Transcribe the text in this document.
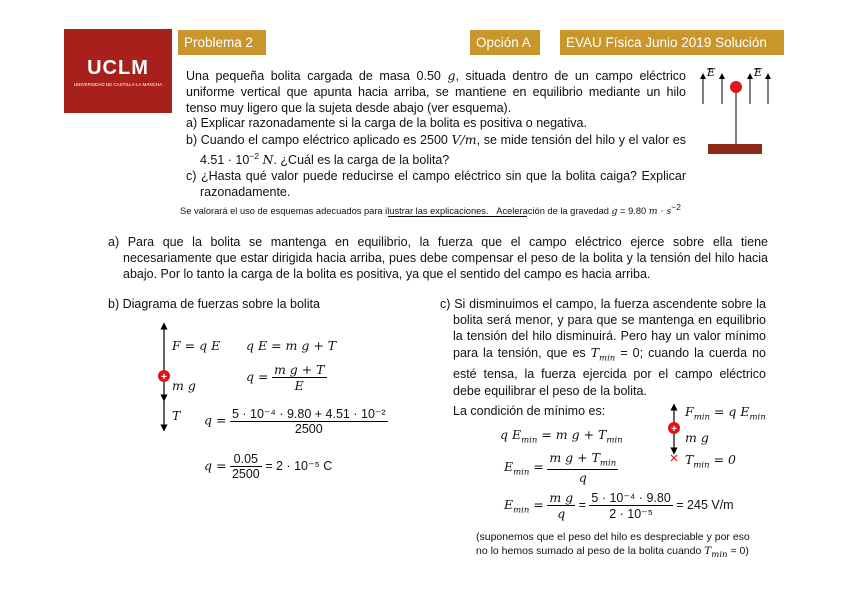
UCLM
UNIVERSIDAD DE CASTILLA-LA MANCHA
Problema 2	Opción A	EVAU Física Junio 2019 Solución

Una pequeña bolita cargada de masa 0.50 g, situada dentro de un campo eléctrico uniforme vertical que apunta hacia arriba, se mantiene en equilibrio mediante un hilo tenso muy ligero que la sujeta desde abajo (ver esquema).

a) Explicar razonadamente si la carga de la bolita es positiva o negativa.

b) Cuando el campo eléctrico aplicado es 2500 V/m, se mide tensión del hilo y el valor es $4.51 \cdot 10^{-2}$ N. ¿Cuál es la carga de la bolita?

c) ¿Hasta qué valor puede reducirse el campo eléctrico sin que la bolita caiga? Explicar razonadamente.

Se valorará el uso de esquemas adecuados para ilustrar las explicaciones. Aceleración de la gravedad g = 9.80 $m \cdot s^{-2}$
E	E

a) Para que la bolita se mantenga en equilibrio, la fuerza que el campo eléctrico ejerce sobre ella tiene necesariamente que estar dirigida hacia arriba, pues debe compensar el peso de la bolita y la tensión del hilo hacia abajo. Por lo tanto la carga de la bolita es positiva, ya que el sentido del campo es hacia arriba.

b) Diagrama de fuerzas sobre la bolita
+
F = q E
m g
T
q E = m g + T
$q = \frac{\text{m g + T}}{E}$
$q = \frac{\text{5 · 10⁻⁴ · 9.80 + 4.51 · 10⁻²}}{2500}$
$q = \frac{0.05}{2500} = 2 \cdot 10^{-5}$ C

c) Si disminuimos el campo, la fuerza ascendente sobre la bolita será menor, y para que se mantenga en equilibrio la tensión del hilo disminuirá. Pero hay un valor mínimo para la tensión, que es $T_{min} = 0$; cuando la cuerda no esté tensa, la fuerza ejercida por el campo eléctrico debe equilibrar el peso de la bolita.

La condición de mínimo es:
+
$F_{min} = q$ $E_{min}$
m g
$T_{min} = 0$
q $E_{min} = m$ $g + T_{min}$
$E_{min} = \frac{m g + T_{min}}{q}$
$E_{min} = \frac{\text{m g}}{q} = \frac{\text{5 · 10⁻⁴ · 9.80}}{\text{2 · 10⁻⁵}} = 245$ V/m
(suponemos que el peso del hilo es despreciable y por eso
no lo hemos sumado al peso de la bolita cuando $T_{min} = 0$)
